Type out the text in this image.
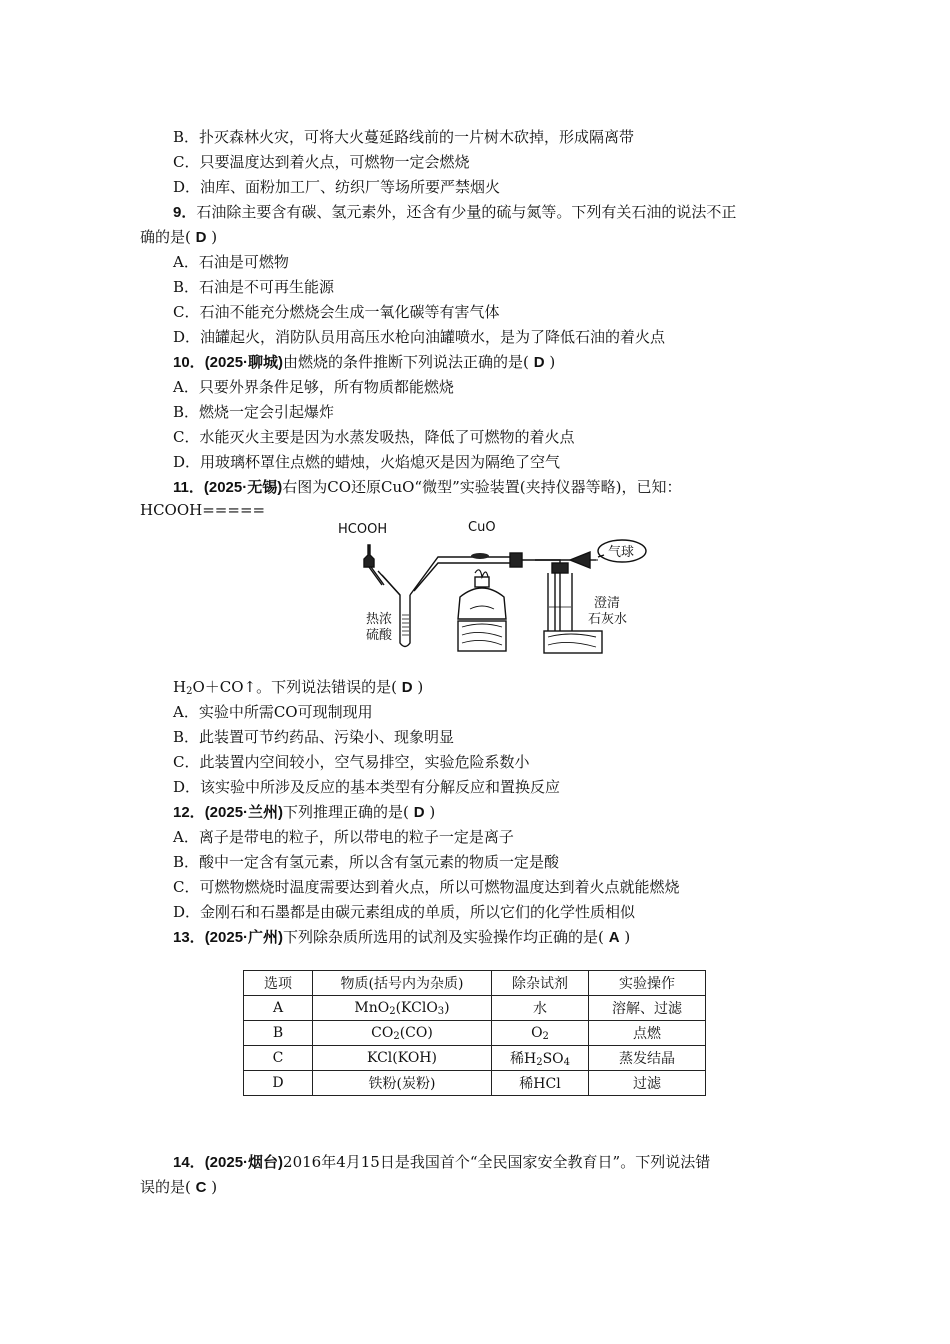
B．扑灭森林火灾，可将大火蔓延路线前的一片树木砍掉，形成隔离带
C．只要温度达到着火点，可燃物一定会燃烧
D．油库、面粉加工厂、纺织厂等场所要严禁烟火
9．石油除主要含有碳、氢元素外，还含有少量的硫与氮等。下列有关石油的说法不正
确的是( D )
A．石油是可燃物
B．石油是不可再生能源
C．石油不能充分燃烧会生成一氧化碳等有害气体
D．油罐起火，消防队员用高压水枪向油罐喷水，是为了降低石油的着火点
10．(2025·聊城)由燃烧的条件推断下列说法正确的是( D )
A．只要外界条件足够，所有物质都能燃烧
B．燃烧一定会引起爆炸
C．水能灭火主要是因为水蒸发吸热，降低了可燃物的着火点
D．用玻璃杯罩住点燃的蜡烛，火焰熄灭是因为隔绝了空气
11．(2025·无锡)右图为CO还原CuO“微型”实验装置(夹持仪器等略)，已知：
HCOOH=====
HCOOH	CuO
气球
热浓
硫酸
澄清
石灰水
$H_2O+CO↑$。下列说法错误的是( D )
A．实验中所需CO可现制现用
B．此装置可节约药品、污染小、现象明显
C．此装置内空间较小，空气易排空，实验危险系数小
D．该实验中所涉及反应的基本类型有分解反应和置换反应
12．(2025·兰州)下列推理正确的是( D )
A．离子是带电的粒子，所以带电的粒子一定是离子
B．酸中一定含有氢元素，所以含有氢元素的物质一定是酸
C．可燃物燃烧时温度需要达到着火点，所以可燃物温度达到着火点就能燃烧
D．金刚石和石墨都是由碳元素组成的单质，所以它们的化学性质相似
13．(2025·广州)下列除杂质所选用的试剂及实验操作均正确的是( A )
选项	物质(括号内为杂质)	除杂试剂	实验操作
A	MnO$_2$(KClO$_3$)	水	溶解、过滤
B	$CO_2(CO)$	$O_2$	点燃
C	KCl(KOH)	稀$H_2SO_4$	蒸发结晶
D	铁粉(炭粉)	稀HCl	过滤
14．(2025·烟台)2016年4月15日是我国首个“全民国家安全教育日”。下列说法错
误的是( C )
